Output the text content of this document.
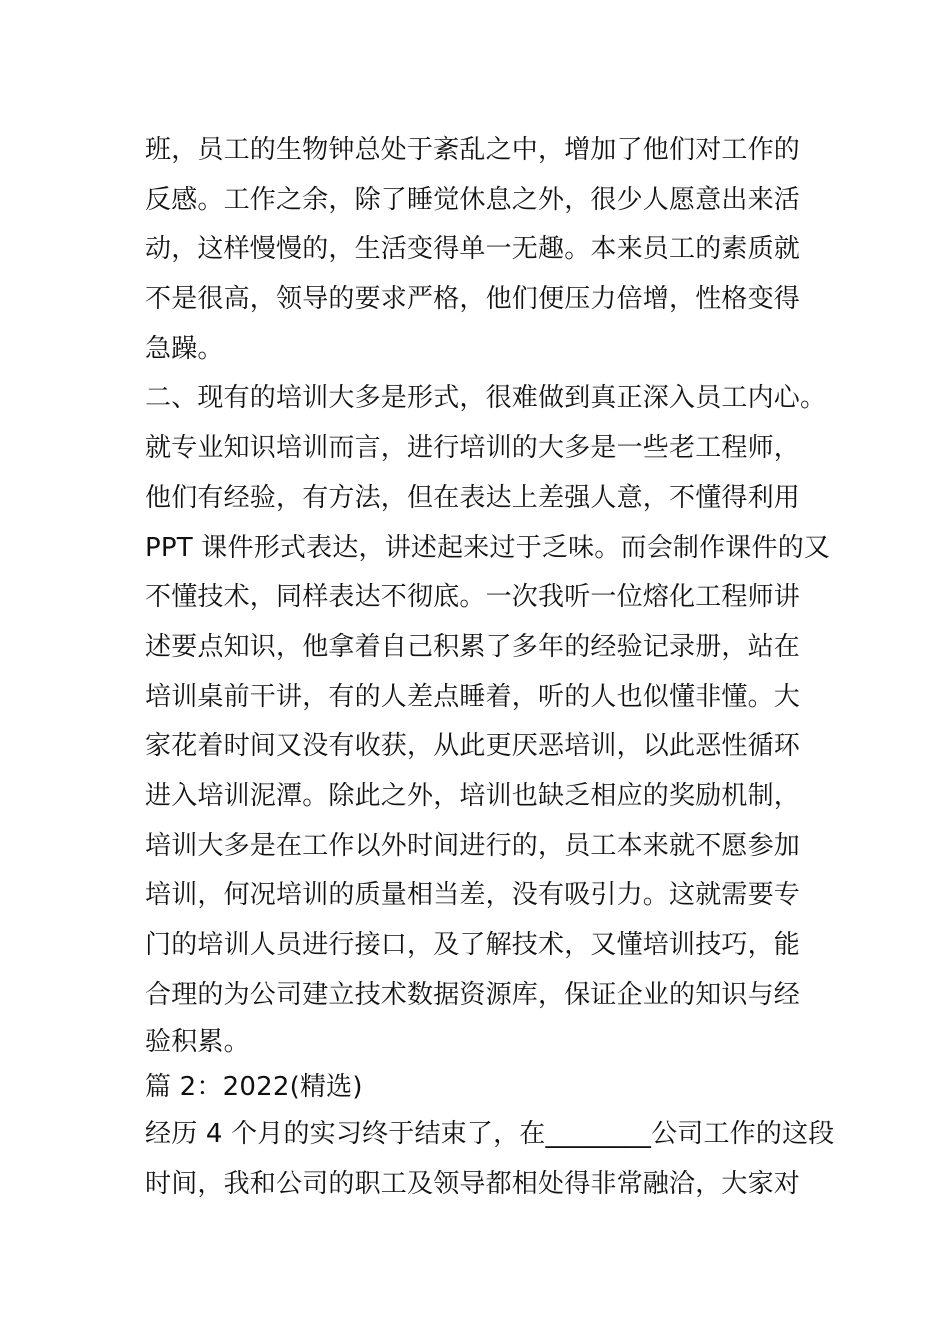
班，员工的生物钟总处于紊乱之中，增加了他们对工作的
反感。工作之余，除了睡觉休息之外，很少人愿意出来活
动，这样慢慢的，生活变得单一无趣。本来员工的素质就
不是很高，领导的要求严格，他们便压力倍增，性格变得
急躁。
二、现有的培训大多是形式，很难做到真正深入员工内心。
就专业知识培训而言，进行培训的大多是一些老工程师，
他们有经验，有方法，但在表达上差强人意，不懂得利用
PPT 课件形式表达，讲述起来过于乏味。而会制作课件的又
不懂技术，同样表达不彻底。一次我听一位熔化工程师讲
述要点知识，他拿着自己积累了多年的经验记录册，站在
培训桌前干讲，有的人差点睡着，听的人也似懂非懂。大
家花着时间又没有收获，从此更厌恶培训，以此恶性循环
进入培训泥潭。除此之外，培训也缺乏相应的奖励机制，
培训大多是在工作以外时间进行的，员工本来就不愿参加
培训，何况培训的质量相当差，没有吸引力。这就需要专
门的培训人员进行接口，及了解技术，又懂培训技巧，能
合理的为公司建立技术数据资源库，保证企业的知识与经
验积累。
篇 2：2022(精选)
经历 4 个月的实习终于结束了，在________公司工作的这段
时间，我和公司的职工及领导都相处得非常融洽，大家对
